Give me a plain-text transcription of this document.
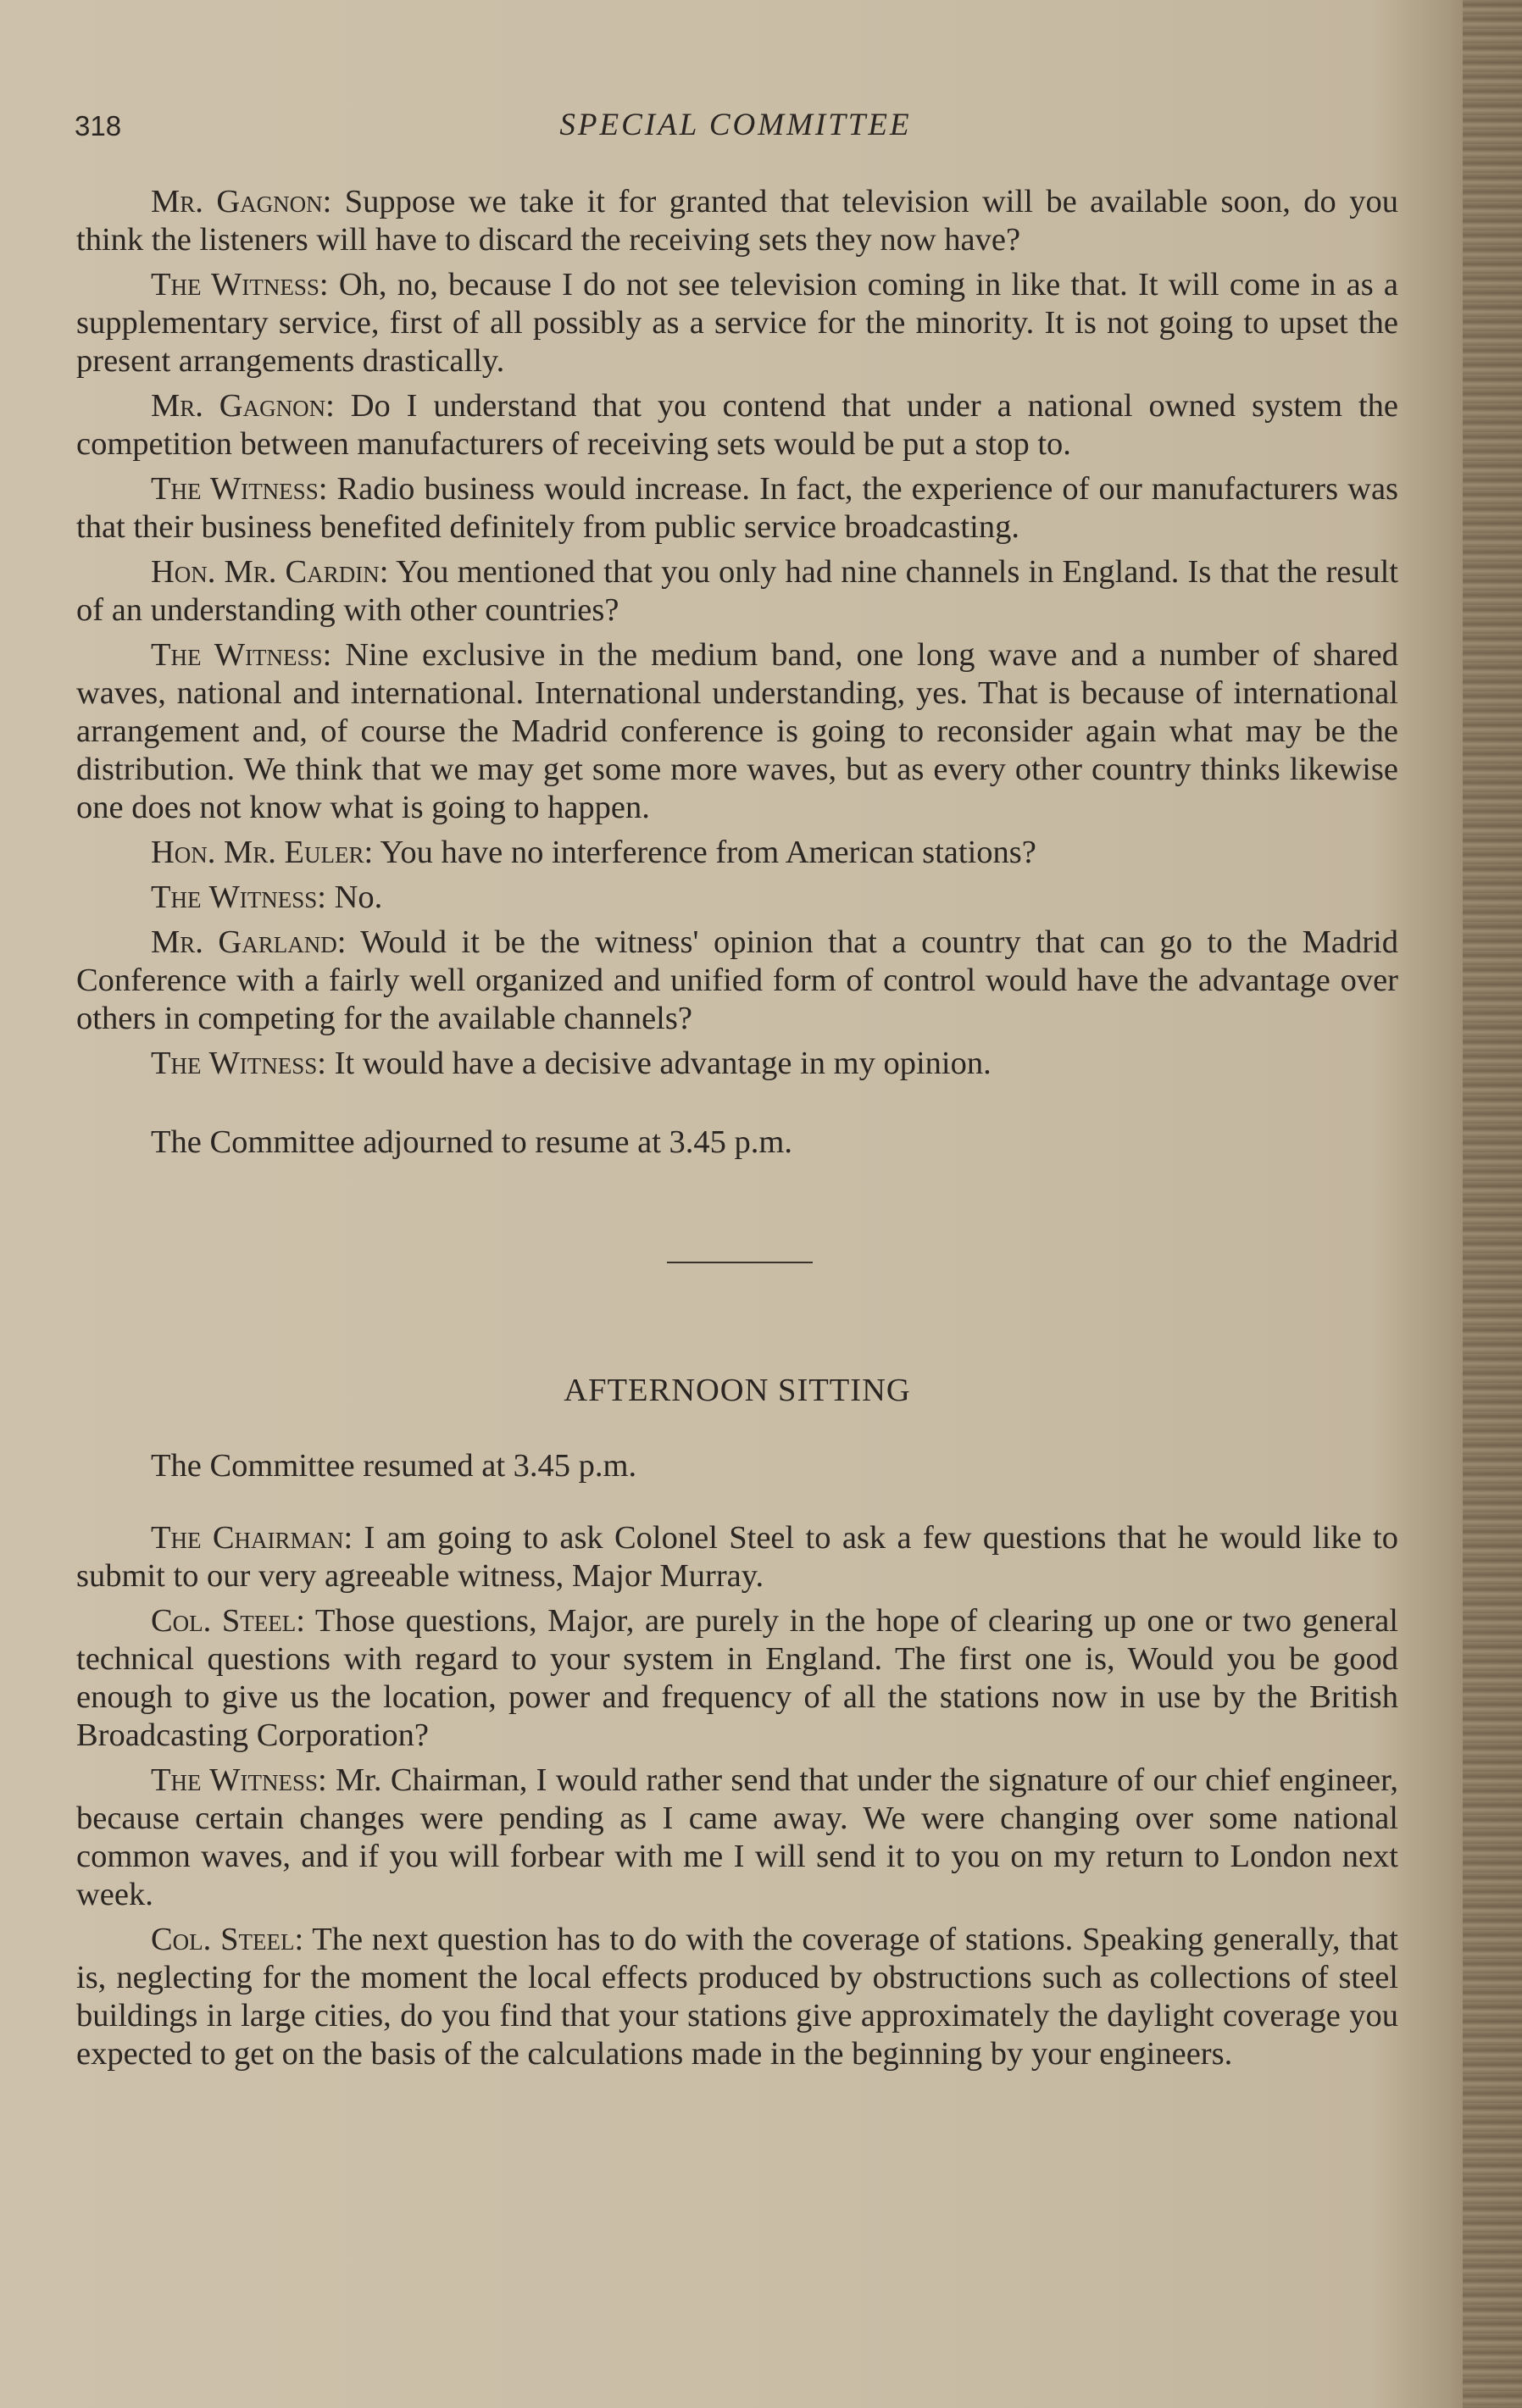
318	SPECIAL COMMITTEE

Mr. Gagnon: Suppose we take it for granted that television will be available soon, do you think the listeners will have to discard the receiving sets they now have?

The Witness: Oh, no, because I do not see television coming in like that. It will come in as a supplementary service, first of all possibly as a service for the minority. It is not going to upset the present arrangements drastically.

Mr. Gagnon: Do I understand that you contend that under a national owned system the competition between manufacturers of receiving sets would be put a stop to.

The Witness: Radio business would increase. In fact, the experience of our manufacturers was that their business benefited definitely from public service broadcasting.

Hon. Mr. Cardin: You mentioned that you only had nine channels in England. Is that the result of an understanding with other countries?

The Witness: Nine exclusive in the medium band, one long wave and a number of shared waves, national and international. International understanding, yes. That is because of international arrangement and, of course the Madrid conference is going to reconsider again what may be the distribution. We think that we may get some more waves, but as every other country thinks likewise one does not know what is going to happen.

Hon. Mr. Euler: You have no interference from American stations?

The Witness: No.

Mr. Garland: Would it be the witness' opinion that a country that can go to the Madrid Conference with a fairly well organized and unified form of control would have the advantage over others in competing for the available channels?

The Witness: It would have a decisive advantage in my opinion.

The Committee adjourned to resume at 3.45 p.m.

AFTERNOON SITTING

The Committee resumed at 3.45 p.m.

The Chairman: I am going to ask Colonel Steel to ask a few questions that he would like to submit to our very agreeable witness, Major Murray.

Col. Steel: Those questions, Major, are purely in the hope of clearing up one or two general technical questions with regard to your system in England. The first one is, Would you be good enough to give us the location, power and frequency of all the stations now in use by the British Broadcasting Corporation?

The Witness: Mr. Chairman, I would rather send that under the signature of our chief engineer, because certain changes were pending as I came away. We were changing over some national common waves, and if you will forbear with me I will send it to you on my return to London next week.

Col. Steel: The next question has to do with the coverage of stations. Speaking generally, that is, neglecting for the moment the local effects produced by obstructions such as collections of steel buildings in large cities, do you find that your stations give approximately the daylight coverage you expected to get on the basis of the calculations made in the beginning by your engineers.
